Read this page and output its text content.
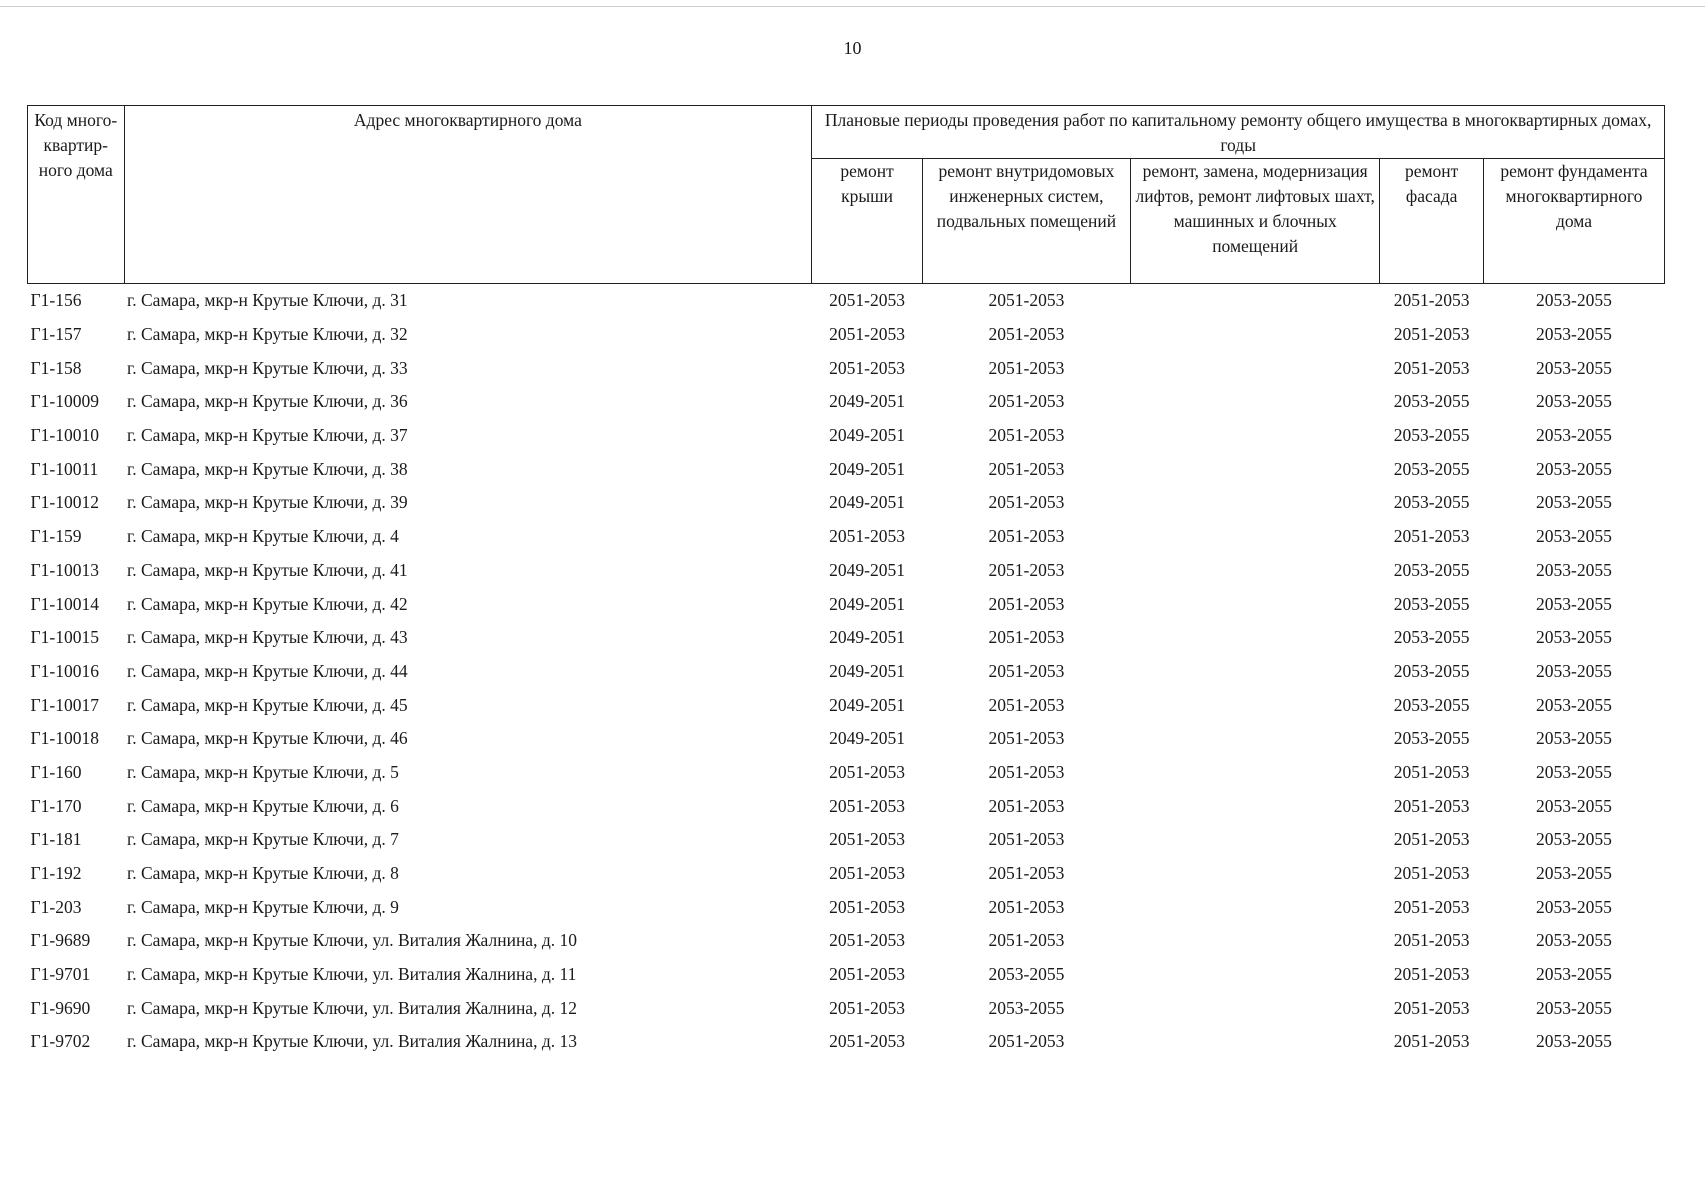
10
Код много-квартир-ного дома	Адрес многоквартирного дома	Плановые периоды проведения работ по капитальному ремонту общего имущества в многоквартирных домах, годы				
		ремонт крыши	ремонт внутридомовых инженерных систем, подвальных помещений	ремонт, замена, модернизация лифтов, ремонт лифтовых шахт, машинных и блочных помещений	ремонт фасада	ремонт фундамента многоквартирного дома
Г1-156	г. Самара, мкр-н Крутые Ключи, д. 31	2051-2053	2051-2053		2051-2053	2053-2055
Г1-157	г. Самара, мкр-н Крутые Ключи, д. 32	2051-2053	2051-2053		2051-2053	2053-2055
Г1-158	г. Самара, мкр-н Крутые Ключи, д. 33	2051-2053	2051-2053		2051-2053	2053-2055
Г1-10009	г. Самара, мкр-н Крутые Ключи, д. 36	2049-2051	2051-2053		2053-2055	2053-2055
Г1-10010	г. Самара, мкр-н Крутые Ключи, д. 37	2049-2051	2051-2053		2053-2055	2053-2055
Г1-10011	г. Самара, мкр-н Крутые Ключи, д. 38	2049-2051	2051-2053		2053-2055	2053-2055
Г1-10012	г. Самара, мкр-н Крутые Ключи, д. 39	2049-2051	2051-2053		2053-2055	2053-2055
Г1-159	г. Самара, мкр-н Крутые Ключи, д. 4	2051-2053	2051-2053		2051-2053	2053-2055
Г1-10013	г. Самара, мкр-н Крутые Ключи, д. 41	2049-2051	2051-2053		2053-2055	2053-2055
Г1-10014	г. Самара, мкр-н Крутые Ключи, д. 42	2049-2051	2051-2053		2053-2055	2053-2055
Г1-10015	г. Самара, мкр-н Крутые Ключи, д. 43	2049-2051	2051-2053		2053-2055	2053-2055
Г1-10016	г. Самара, мкр-н Крутые Ключи, д. 44	2049-2051	2051-2053		2053-2055	2053-2055
Г1-10017	г. Самара, мкр-н Крутые Ключи, д. 45	2049-2051	2051-2053		2053-2055	2053-2055
Г1-10018	г. Самара, мкр-н Крутые Ключи, д. 46	2049-2051	2051-2053		2053-2055	2053-2055
Г1-160	г. Самара, мкр-н Крутые Ключи, д. 5	2051-2053	2051-2053		2051-2053	2053-2055
Г1-170	г. Самара, мкр-н Крутые Ключи, д. 6	2051-2053	2051-2053		2051-2053	2053-2055
Г1-181	г. Самара, мкр-н Крутые Ключи, д. 7	2051-2053	2051-2053		2051-2053	2053-2055
Г1-192	г. Самара, мкр-н Крутые Ключи, д. 8	2051-2053	2051-2053		2051-2053	2053-2055
Г1-203	г. Самара, мкр-н Крутые Ключи, д. 9	2051-2053	2051-2053		2051-2053	2053-2055
Г1-9689	г. Самара, мкр-н Крутые Ключи, ул. Виталия Жалнина, д. 10	2051-2053	2051-2053		2051-2053	2053-2055
Г1-9701	г. Самара, мкр-н Крутые Ключи, ул. Виталия Жалнина, д. 11	2051-2053	2053-2055		2051-2053	2053-2055
Г1-9690	г. Самара, мкр-н Крутые Ключи, ул. Виталия Жалнина, д. 12	2051-2053	2053-2055		2051-2053	2053-2055
Г1-9702	г. Самара, мкр-н Крутые Ключи, ул. Виталия Жалнина, д. 13	2051-2053	2051-2053		2051-2053	2053-2055
